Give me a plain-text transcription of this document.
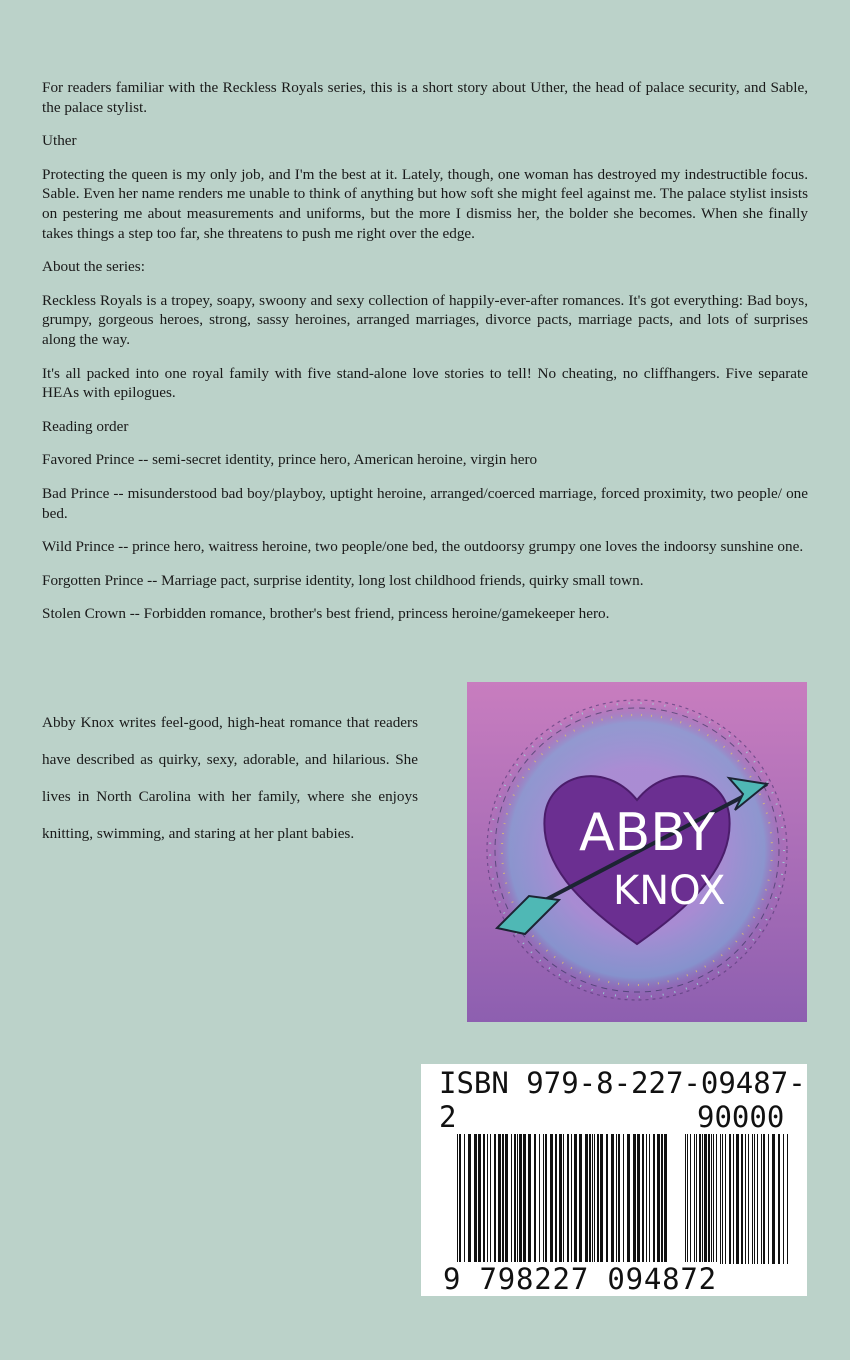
For readers familiar with the Reckless Royals series, this is a short story about Uther, the head of palace security, and Sable, the palace stylist.

Uther

Protecting the queen is my only job, and I'm the best at it. Lately, though, one woman has destroyed my indestructible focus. Sable. Even her name renders me unable to think of anything but how soft she might feel against me. The palace stylist insists on pestering me about measurements and uniforms, but the more I dismiss her, the bolder she becomes. When she finally takes things a step too far, she threatens to push me right over the edge.

About the series:

Reckless Royals is a tropey, soapy, swoony and sexy collection of happily-ever-after romances. It's got everything: Bad boys, grumpy, gorgeous heroes, strong, sassy heroines, arranged marriages, divorce pacts, marriage pacts, and lots of surprises along the way.

It's all packed into one royal family with five stand-alone love stories to tell! No cheating, no cliffhangers. Five separate HEAs with epilogues.

Reading order

Favored Prince -- semi-secret identity, prince hero, American heroine, virgin hero

Bad Prince -- misunderstood bad boy/playboy, uptight heroine, arranged/coerced marriage, forced proximity, two people/ one bed.

Wild Prince -- prince hero, waitress heroine, two people/one bed, the outdoorsy grumpy one loves the indoorsy sunshine one.

Forgotten Prince -- Marriage pact, surprise identity, long lost childhood friends, quirky small town.

Stolen Crown -- Forbidden romance, brother's best friend, princess heroine/gamekeeper hero.

Abby Knox writes feel-good, high-heat romance that readers have described as quirky, sexy, adorable, and hilarious. She lives in North Carolina with her family, where she enjoys knitting, swimming, and staring at her plant babies.	ABBY
KNOX
ISBN 979-8-227-09487-2	90000
9 798227 094872
